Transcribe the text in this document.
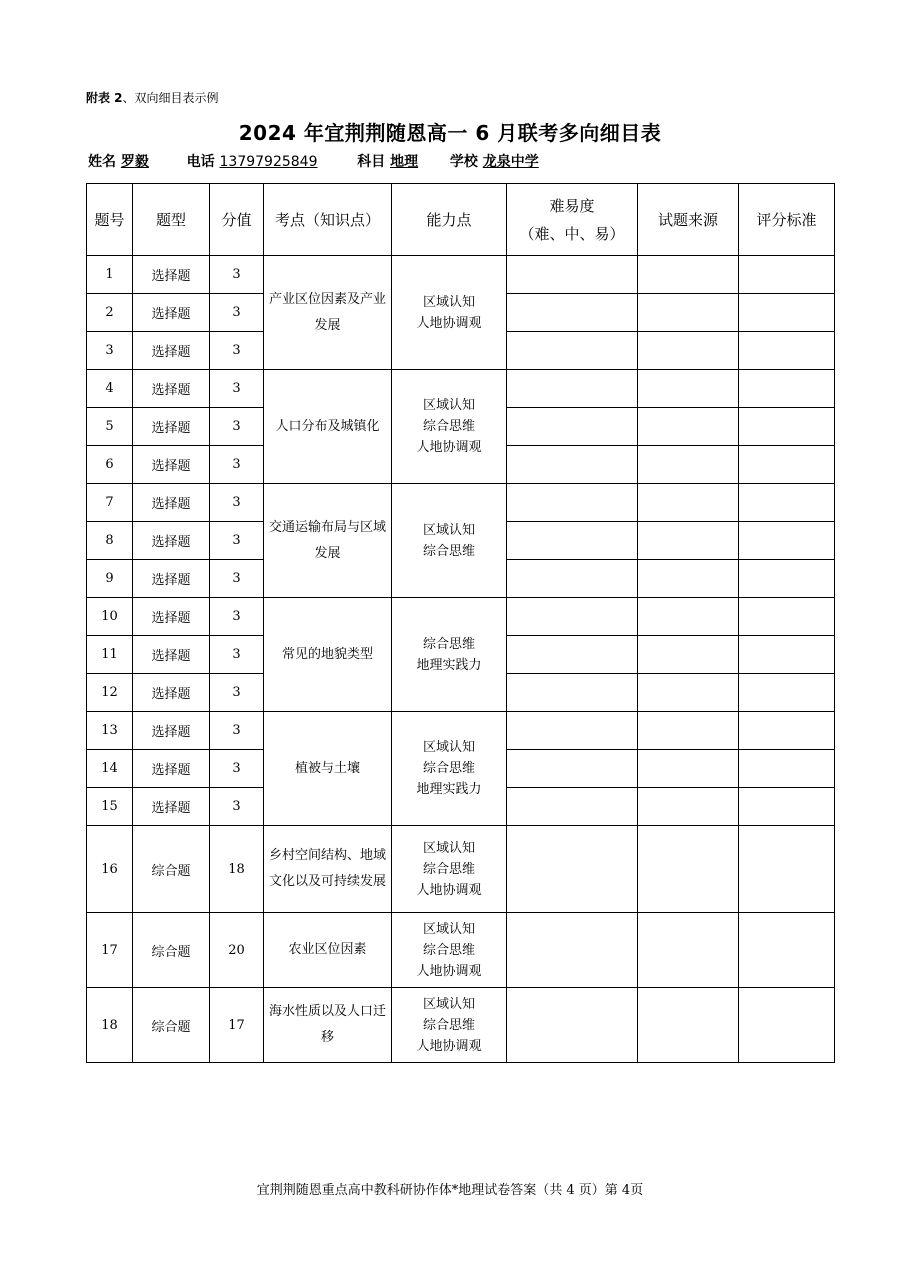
附表 2、双向细目表示例
2024 年宜荆荆随恩高一 6 月联考多向细目表
姓名 罗毅	电话 13797925849	科目 地理 学校 龙泉中学
题号	题型	分值	考点（知识点）	能力点	难易度
（难、中、易）	试题来源	评分标准
1	选择题	3	产业区位因素及产业发展	区域认知
人地协调观			

2	选择题	3					
3	选择题	3					
4	选择题	3	人口分布及城镇化	区域认知
综合思维
人地协调观			

5	选择题	3					
6	选择题	3					
7	选择题	3	交通运输布局与区域发展	区域认知
综合思维			

8	选择题	3					
9	选择题	3					
10	选择题	3	常见的地貌类型	综合思维
地理实践力			

11	选择题	3					
12	选择题	3					
13	选择题	3	植被与土壤	区域认知
综合思维
地理实践力			

14	选择题	3					
15	选择题	3					
16	综合题	18	乡村空间结构、地域文化以及可持续发展	区域认知
综合思维
人地协调观			

17	综合题	20	农业区位因素	区域认知
综合思维
人地协调观			

18	综合题	17	海水性质以及人口迁移	区域认知
综合思维
人地协调观			

宜荆荆随恩重点高中教科研协作体*地理试卷答案（共 4 页）第 4页
